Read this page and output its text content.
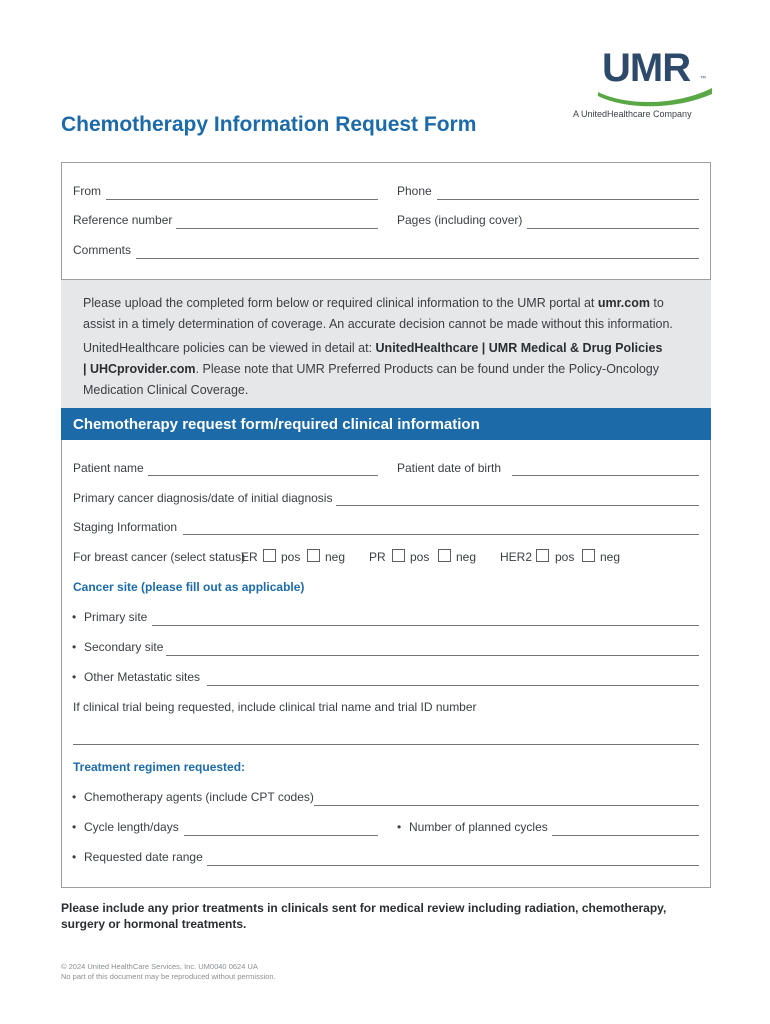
UMR ™
A UnitedHealthcare Company
Chemotherapy Information Request Form
From	Phone
Reference number	Pages (including cover)
Comments

Please upload the completed form below or required clinical information to the UMR portal at umr.com to
assist in a timely determination of coverage. An accurate decision cannot be made without this information.

UnitedHealthcare policies can be viewed in detail at: UnitedHealthcare | UMR Medical & Drug Policies
| UHCprovider.com. Please note that UMR Preferred Products can be found under the Policy-Oncology
Medication Clinical Coverage.

Chemotherapy request form/required clinical information
Patient name	Patient date of birth
Primary cancer diagnosis/date of initial diagnosis
Staging Information
For breast cancer (select status)
ER pos neg PR pos neg HER2 pos neg
Cancer site (please fill out as applicable)
• Primary site
• Secondary site
• Other Metastatic sites
If clinical trial being requested, include clinical trial name and trial ID number
Treatment regimen requested:
• Chemotherapy agents (include CPT codes)
• Cycle length/days
•	Number of planned cycles
• Requested date range
Please include any prior treatments in clinicals sent for medical review including radiation, chemotherapy, surgery or hormonal treatments.
© 2024 United HealthCare Services, Inc. UM0040 0624 UA
No part of this document may be reproduced without permission.
